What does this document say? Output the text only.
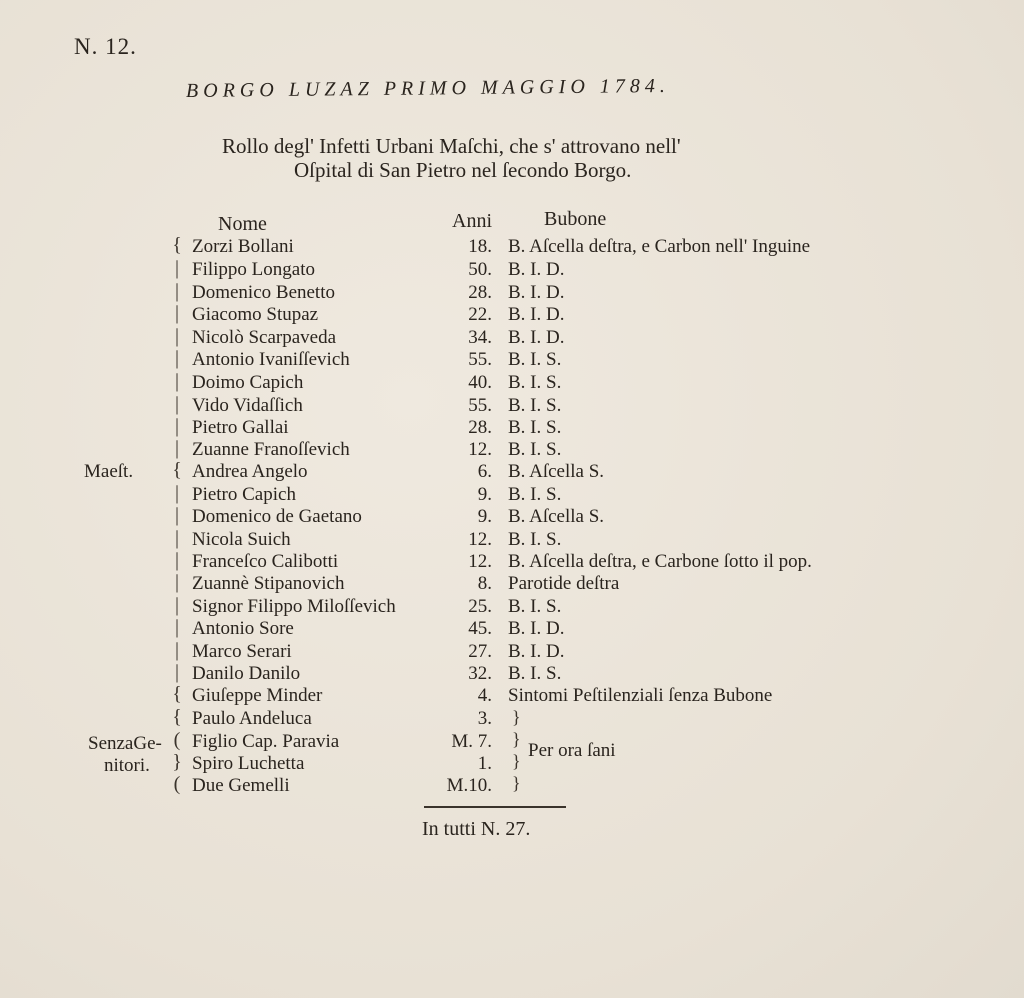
N. 12.
BORGO LUZAZ PRIMO MAGGIO 1784.
Rollo degl' Infetti Urbani Maſchi, che s' attrovano nell'
Oſpital di San Pietro nel ſecondo Borgo.
Nome	Anni	Bubone
{ Zorzi Bollani	18. B. Aſcella deſtra, e Carbon nell' Inguine
| Filippo Longato	50. B. I. D.
| Domenico Benetto	28. B. I. D.
| Giacomo Stupaz	22. B. I. D.
| Nicolò Scarpaveda	34. B. I. D.
| Antonio Ivaniſſevich	55. B. I. S.
| Doimo Capich	40. B. I. S.
| Vido Vidaſſich	55. B. I. S.
| Pietro Gallai	28. B. I. S.
| Zuanne Franoſſevich	12. B. I. S.
{ Andrea Angelo	6. B. Aſcella S.
| Pietro Capich	9. B. I. S.
| Domenico de Gaetano	9. B. Aſcella S.
| Nicola Suich	12. B. I. S.
| Franceſco Calibotti	12. B. Aſcella deſtra, e Carbone ſotto il pop.
| Zuannè Stipanovich	8. Parotide deſtra
| Signor Filippo Miloſſevich	25. B. I. S.
| Antonio Sore	45. B. I. D.
| Marco Serari	27. B. I. D.
| Danilo Danilo	32. B. I. S.
{ Giuſeppe Minder	4. Sintomi Peſtilenziali ſenza Bubone
{ Paulo Andeluca	3.
( Figlio Cap. Paravia	M. 7.
} Spiro Luchetta	1.
( Due Gemelli	M.10.
Maeſt.
SenzaGe-
nitori.
}
}
}
}
Per ora ſani
In tutti N. 27.
